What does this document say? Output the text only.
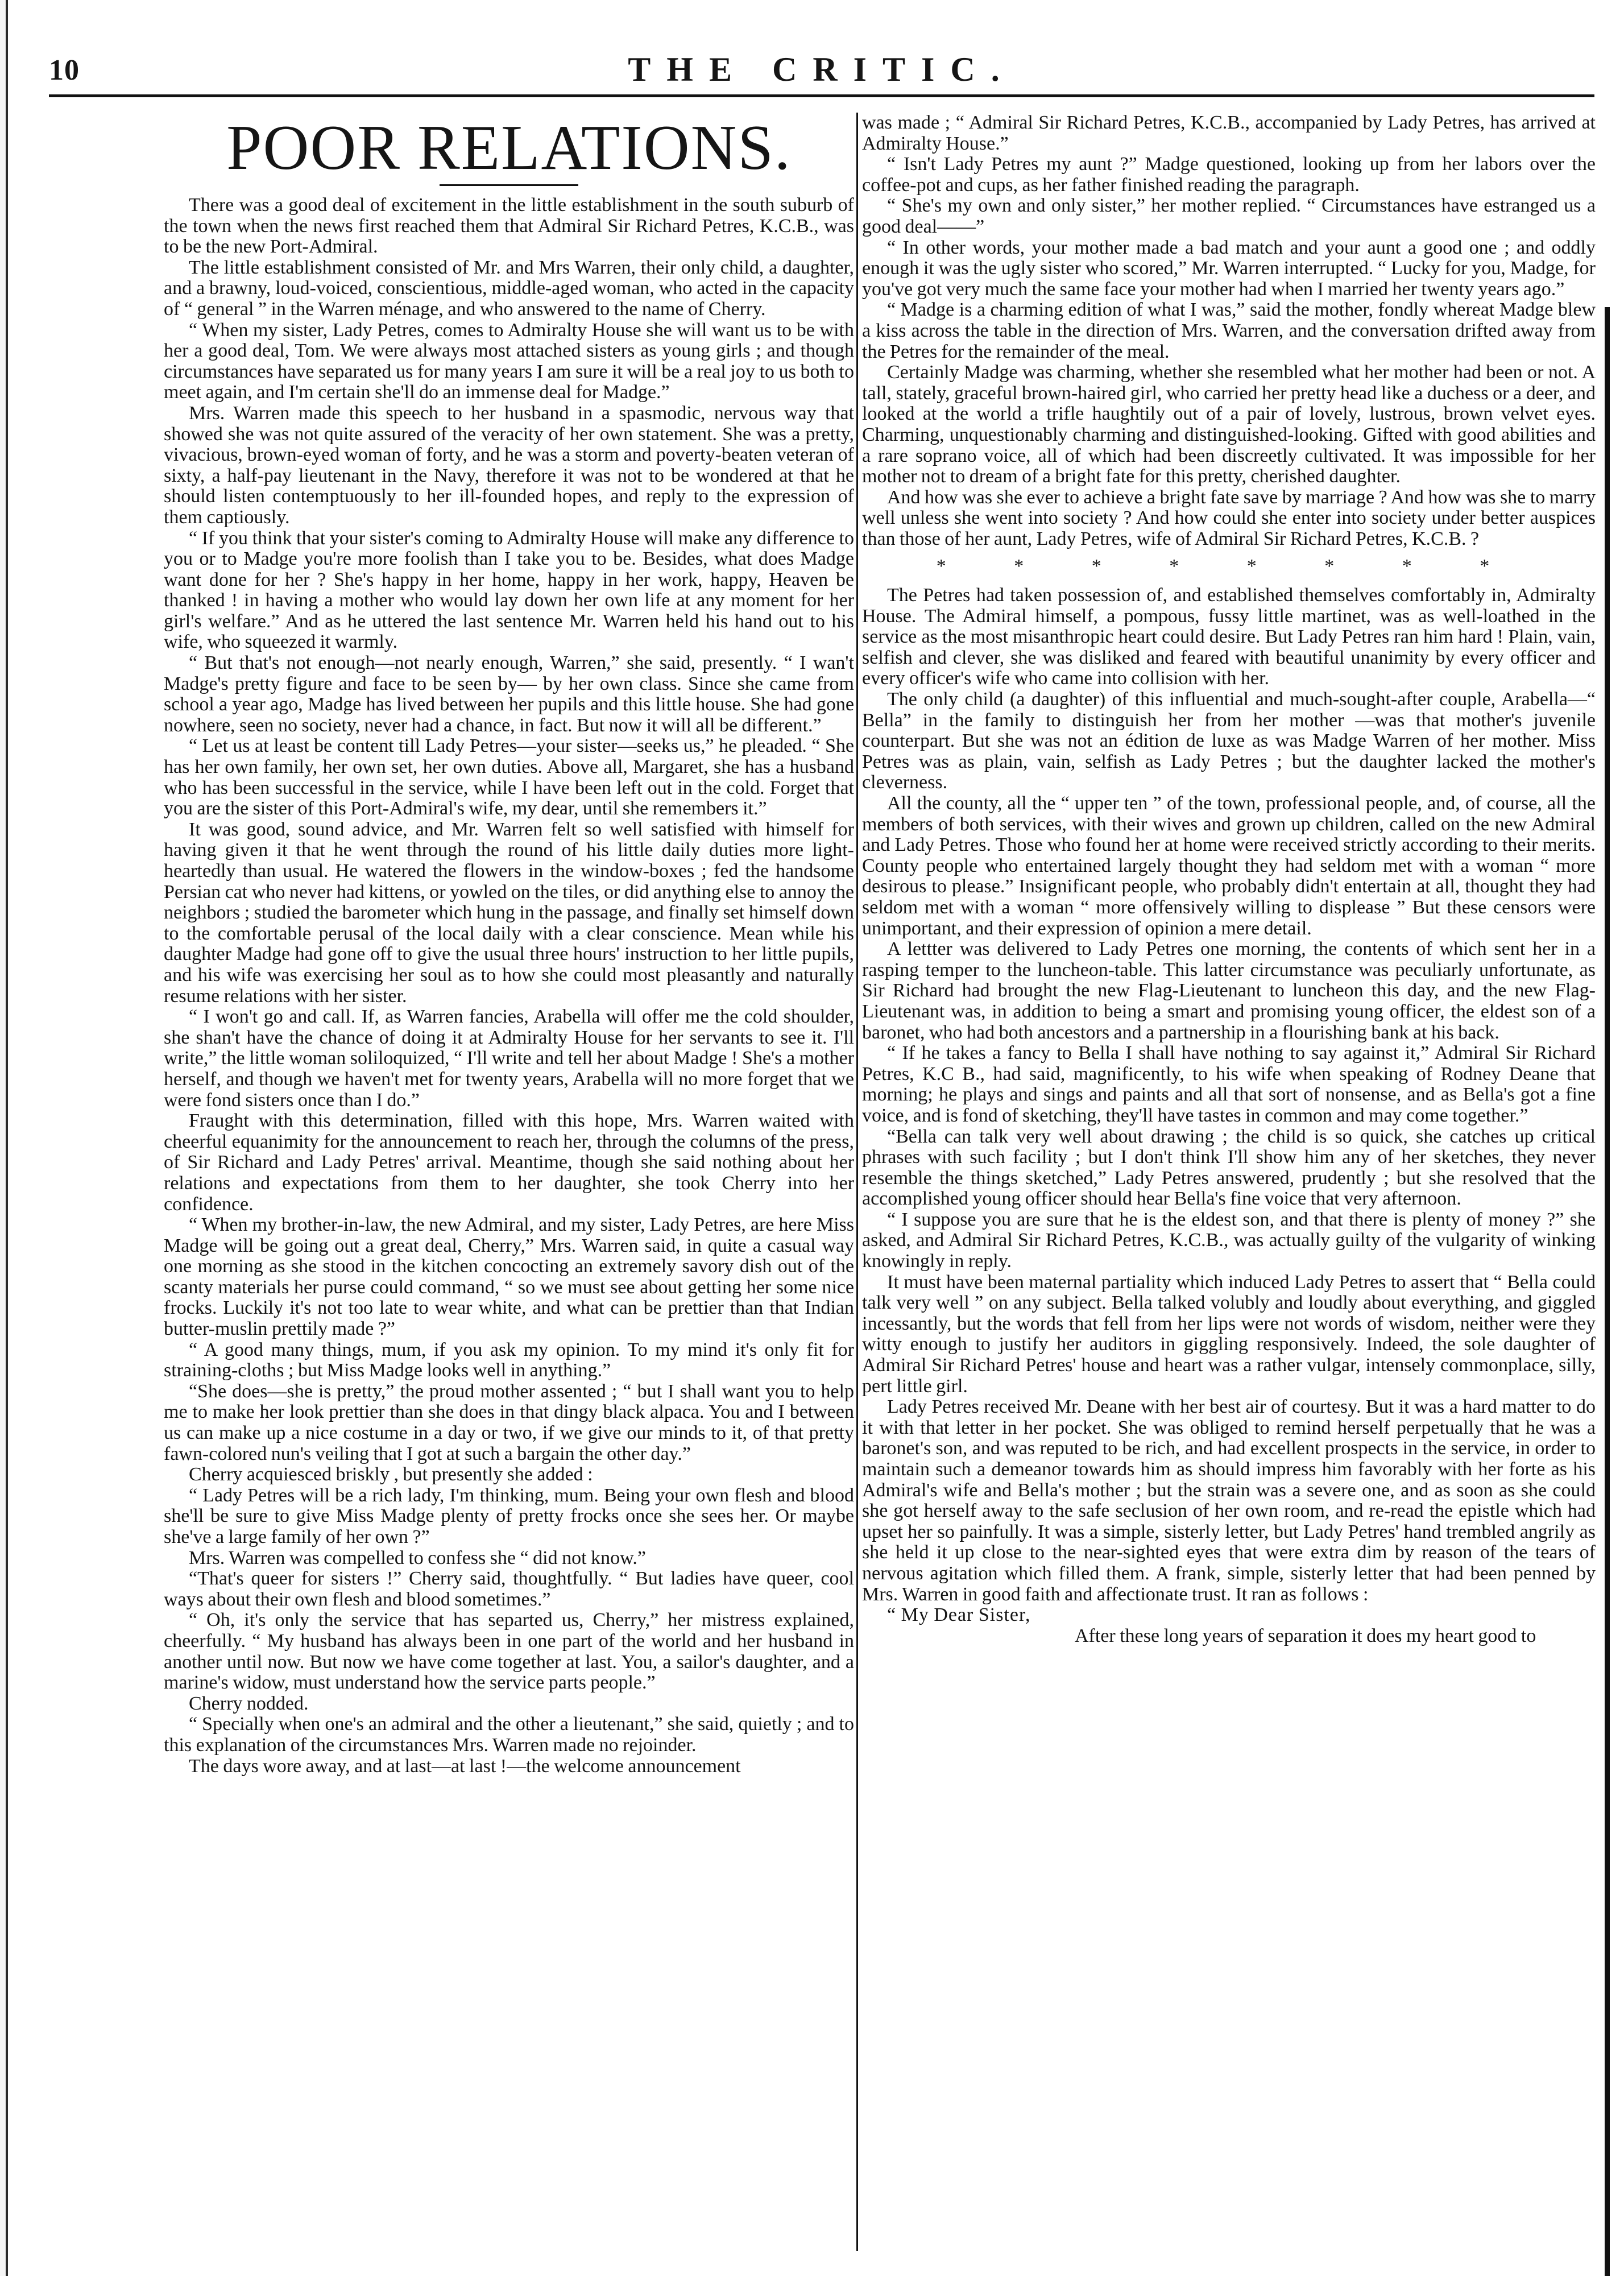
10	THE CRITIC.
POOR RELATIONS.

There was a good deal of excitement in the little establishment in the south suburb of the town when the news first reached them that Admiral Sir Richard Petres, K.C.B., was to be the new Port-Admiral.

The little establishment consisted of Mr. and Mrs Warren, their only child, a daughter, and a brawny, loud-voiced, conscientious, middle-aged woman, who acted in the capacity of “ general ” in the Warren ménage, and who answered to the name of Cherry.

“ When my sister, Lady Petres, comes to Admiralty House she will want us to be with her a good deal, Tom. We were always most attached sisters as young girls ; and though circumstances have separated us for many years I am sure it will be a real joy to us both to meet again, and I'm certain she'll do an immense deal for Madge.”

Mrs. Warren made this speech to her husband in a spasmodic, nervous way that showed she was not quite assured of the veracity of her own statement. She was a pretty, vivacious, brown-eyed woman of forty, and he was a storm and poverty-beaten veteran of sixty, a half-pay lieutenant in the Navy, therefore it was not to be wondered at that he should listen contemptuously to her ill-founded hopes, and reply to the expression of them captiously.

“ If you think that your sister's coming to Admiralty House will make any difference to you or to Madge you're more foolish than I take you to be. Besides, what does Madge want done for her ? She's happy in her home, happy in her work, happy, Heaven be thanked ! in having a mother who would lay down her own life at any moment for her girl's welfare.” And as he uttered the last sentence Mr. Warren held his hand out to his wife, who squeezed it warmly.

“ But that's not enough—not nearly enough, Warren,” she said, presently. “ I wan't Madge's pretty figure and face to be seen by— by her own class. Since she came from school a year ago, Madge has lived between her pupils and this little house. She had gone nowhere, seen no society, never had a chance, in fact. But now it will all be different.”

“ Let us at least be content till Lady Petres—your sister—seeks us,” he pleaded. “ She has her own family, her own set, her own duties. Above all, Margaret, she has a husband who has been successful in the service, while I have been left out in the cold. Forget that you are the sister of this Port-Admiral's wife, my dear, until she remembers it.”

It was good, sound advice, and Mr. Warren felt so well satisfied with himself for having given it that he went through the round of his little daily duties more light-heartedly than usual. He watered the flowers in the window-boxes ; fed the handsome Persian cat who never had kittens, or yowled on the tiles, or did anything else to annoy the neighbors ; studied the barometer which hung in the passage, and finally set himself down to the comfortable perusal of the local daily with a clear conscience. Mean while his daughter Madge had gone off to give the usual three hours' instruction to her little pupils, and his wife was exercising her soul as to how she could most pleasantly and naturally resume relations with her sister.

“ I won't go and call. If, as Warren fancies, Arabella will offer me the cold shoulder, she shan't have the chance of doing it at Admiralty House for her servants to see it. I'll write,” the little woman soliloquized, “ I'll write and tell her about Madge ! She's a mother herself, and though we haven't met for twenty years, Arabella will no more forget that we were fond sisters once than I do.”

Fraught with this determination, filled with this hope, Mrs. Warren waited with cheerful equanimity for the announcement to reach her, through the columns of the press, of Sir Richard and Lady Petres' arrival. Meantime, though she said nothing about her relations and expectations from them to her daughter, she took Cherry into her confidence.

“ When my brother-in-law, the new Admiral, and my sister, Lady Petres, are here Miss Madge will be going out a great deal, Cherry,” Mrs. Warren said, in quite a casual way one morning as she stood in the kitchen concocting an extremely savory dish out of the scanty materials her purse could command, “ so we must see about getting her some nice frocks. Luckily it's not too late to wear white, and what can be prettier than that Indian butter-muslin prettily made ?”

“ A good many things, mum, if you ask my opinion. To my mind it's only fit for straining-cloths ; but Miss Madge looks well in anything.”

“She does—she is pretty,” the proud mother assented ; “ but I shall want you to help me to make her look prettier than she does in that dingy black alpaca. You and I between us can make up a nice costume in a day or two, if we give our minds to it, of that pretty fawn-colored nun's veiling that I got at such a bargain the other day.”

Cherry acquiesced briskly , but presently she added :

“ Lady Petres will be a rich lady, I'm thinking, mum. Being your own flesh and blood she'll be sure to give Miss Madge plenty of pretty frocks once she sees her. Or maybe she've a large family of her own ?”

Mrs. Warren was compelled to confess she “ did not know.”

“That's queer for sisters !” Cherry said, thoughtfully. “ But ladies have queer, cool ways about their own flesh and blood sometimes.”

“ Oh, it's only the service that has separted us, Cherry,” her mistress explained, cheerfully. “ My husband has always been in one part of the world and her husband in another until now. But now we have come together at last. You, a sailor's daughter, and a marine's widow, must understand how the service parts people.”

Cherry nodded.

“ Specially when one's an admiral and the other a lieutenant,” she said, quietly ; and to this explanation of the circumstances Mrs. Warren made no rejoinder.

The days wore away, and at last—at last !—the welcome announcement

was made ; “ Admiral Sir Richard Petres, K.C.B., accompanied by Lady Petres, has arrived at Admiralty House.”

“ Isn't Lady Petres my aunt ?” Madge questioned, looking up from her labors over the coffee-pot and cups, as her father finished reading the paragraph.

“ She's my own and only sister,” her mother replied. “ Circumstances have estranged us a good deal——”

“ In other words, your mother made a bad match and your aunt a good one ; and oddly enough it was the ugly sister who scored,” Mr. Warren interrupted. “ Lucky for you, Madge, for you've got very much the same face your mother had when I married her twenty years ago.”

“ Madge is a charming edition of what I was,” said the mother, fondly whereat Madge blew a kiss across the table in the direction of Mrs. Warren, and the conversation drifted away from the Petres for the remainder of the meal.

Certainly Madge was charming, whether she resembled what her mother had been or not. A tall, stately, graceful brown-haired girl, who carried her pretty head like a duchess or a deer, and looked at the world a trifle haughtily out of a pair of lovely, lustrous, brown velvet eyes. Charming, unquestionably charming and distinguished-looking. Gifted with good abilities and a rare soprano voice, all of which had been discreetly cultivated. It was impossible for her mother not to dream of a bright fate for this pretty, cherished daughter.

And how was she ever to achieve a bright fate save by marriage ? And how was she to marry well unless she went into society ? And how could she enter into society under better auspices than those of her aunt, Lady Petres, wife of Admiral Sir Richard Petres, K.C.B. ?

* * * * * * * *

The Petres had taken possession of, and established themselves comfortably in, Admiralty House. The Admiral himself, a pompous, fussy little martinet, was as well-loathed in the service as the most misanthropic heart could desire. But Lady Petres ran him hard ! Plain, vain, selfish and clever, she was disliked and feared with beautiful unanimity by every officer and every officer's wife who came into collision with her.

The only child (a daughter) of this influential and much-sought-after couple, Arabella—“ Bella” in the family to distinguish her from her mother —was that mother's juvenile counterpart. But she was not an édition de luxe as was Madge Warren of her mother. Miss Petres was as plain, vain, selfish as Lady Petres ; but the daughter lacked the mother's cleverness.

All the county, all the “ upper ten ” of the town, professional people, and, of course, all the members of both services, with their wives and grown up children, called on the new Admiral and Lady Petres. Those who found her at home were received strictly according to their merits. County people who entertained largely thought they had seldom met with a woman “ more desirous to please.” Insignificant people, who probably didn't entertain at all, thought they had seldom met with a woman “ more offensively willing to displease ” But these censors were unimportant, and their expression of opinion a mere detail.

A lettter was delivered to Lady Petres one morning, the contents of which sent her in a rasping temper to the luncheon-table. This latter circumstance was peculiarly unfortunate, as Sir Richard had brought the new Flag-Lieutenant to luncheon this day, and the new Flag-Lieutenant was, in addition to being a smart and promising young officer, the eldest son of a baronet, who had both ancestors and a partnership in a flourishing bank at his back.

“ If he takes a fancy to Bella I shall have nothing to say against it,” Admiral Sir Richard Petres, K.C B., had said, magnificently, to his wife when speaking of Rodney Deane that morning; he plays and sings and paints and all that sort of nonsense, and as Bella's got a fine voice, and is fond of sketching, they'll have tastes in common and may come together.”

“Bella can talk very well about drawing ; the child is so quick, she catches up critical phrases with such facility ; but I don't think I'll show him any of her sketches, they never resemble the things sketched,” Lady Petres answered, prudently ; but she resolved that the accomplished young officer should hear Bella's fine voice that very afternoon.

“ I suppose you are sure that he is the eldest son, and that there is plenty of money ?” she asked, and Admiral Sir Richard Petres, K.C.B., was actually guilty of the vulgarity of winking knowingly in reply.

It must have been maternal partiality which induced Lady Petres to assert that “ Bella could talk very well ” on any subject. Bella talked volubly and loudly about everything, and giggled incessantly, but the words that fell from her lips were not words of wisdom, neither were they witty enough to justify her auditors in giggling responsively. Indeed, the sole daughter of Admiral Sir Richard Petres' house and heart was a rather vulgar, intensely commonplace, silly, pert little girl.

Lady Petres received Mr. Deane with her best air of courtesy. But it was a hard matter to do it with that letter in her pocket. She was obliged to remind herself perpetually that he was a baronet's son, and was reputed to be rich, and had excellent prospects in the service, in order to maintain such a demeanor towards him as should impress him favorably with her forte as his Admiral's wife and Bella's mother ; but the strain was a severe one, and as soon as she could she got herself away to the safe seclusion of her own room, and re-read the epistle which had upset her so painfully. It was a simple, sisterly letter, but Lady Petres' hand trembled angrily as she held it up close to the near-sighted eyes that were extra dim by reason of the tears of nervous agitation which filled them. A frank, simple, sisterly letter that had been penned by Mrs. Warren in good faith and affectionate trust. It ran as follows :

“ My Dear Sister,

After these long years of separation it does my heart good to
